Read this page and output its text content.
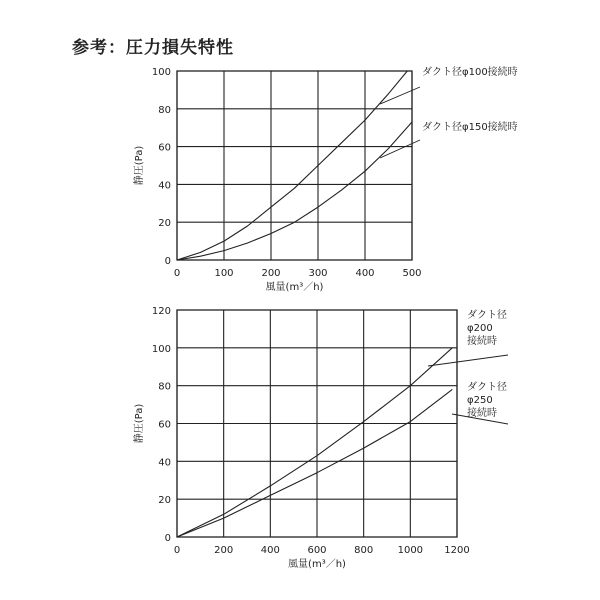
参考：圧力損失特性
0	100	200	300	400	500
0
20
40
60
80
100
風量(m³／h)
静圧(Pa)
ダクト径φ100接続時
ダクト径φ150接続時
0	200	400	600	800 1000 1200
0
20
40
60
80
100
120
風量(m³／h)
静圧(Pa)
ダクト径 φ200 接続時
ダクト径 φ250 接続時
